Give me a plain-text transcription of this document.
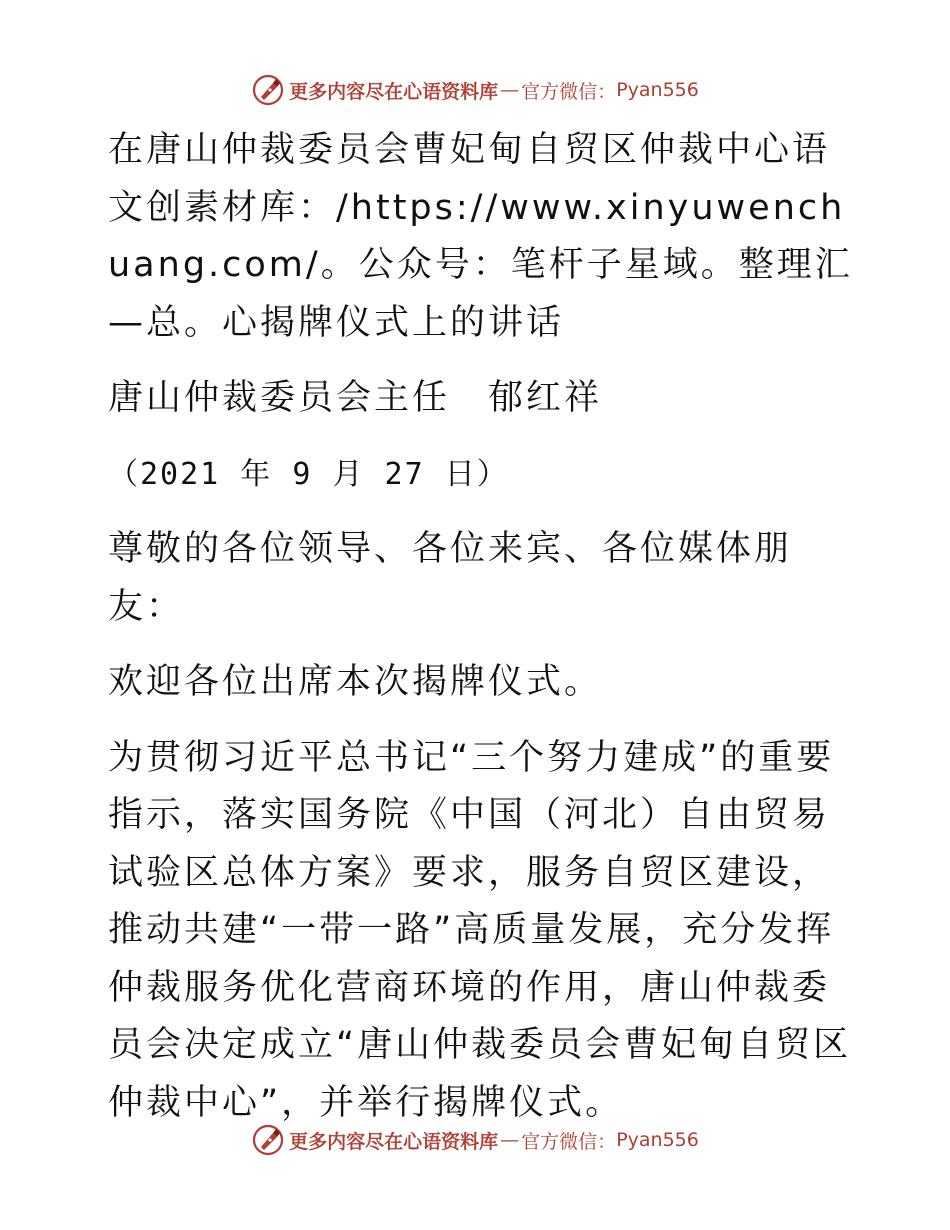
更多内容尽在心语资料库 — 官方微信： Pyan556

在唐山仲裁委员会曹妃甸自贸区仲裁中心语文创素材库：/https://www.xinyuwenchuang.com/。公众号：笔杆子星域。整理汇—总。心揭牌仪式上的讲话

唐山仲裁委员会主任　郁红祥

（2021 年 9 月 27 日）

尊敬的各位领导、各位来宾、各位媒体朋友：

欢迎各位出席本次揭牌仪式。

为贯彻习近平总书记“三个努力建成”的重要指示，落实国务院《中国（河北）自由贸易试验区总体方案》要求，服务自贸区建设，推动共建“一带一路”高质量发展，充分发挥仲裁服务优化营商环境的作用，唐山仲裁委员会决定成立“唐山仲裁委员会曹妃甸自贸区仲裁中心”，并举行揭牌仪式。

更多内容尽在心语资料库 — 官方微信： Pyan556
